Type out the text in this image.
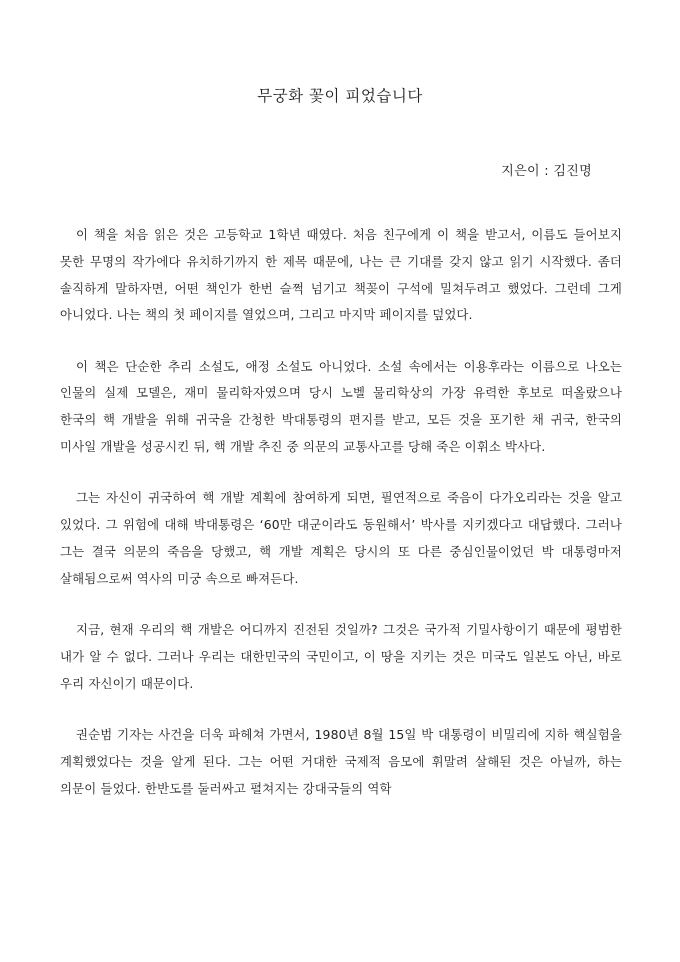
무궁화 꽃이 피었습니다
지은이 : 김진명

이 책을 처음 읽은 것은 고등학교 1학년 때였다. 처음 친구에게 이 책을 받고서, 이름도 들어보지 못한 무명의 작가에다 유치하기까지 한 제목 때문에, 나는 큰 기대를 갖지 않고 읽기 시작했다. 좀더 솔직하게 말하자면, 어떤 책인가 한번 슬쩍 넘기고 책꽂이 구석에 밀쳐두려고 했었다. 그런데 그게 아니었다. 나는 책의 첫 페이지를 열었으며, 그리고 마지막 페이지를 덮었다.

이 책은 단순한 추리 소설도, 애정 소설도 아니었다. 소설 속에서는 이용후라는 이름으로 나오는 인물의 실제 모델은, 재미 물리학자였으며 당시 노벨 물리학상의 가장 유력한 후보로 떠올랐으나 한국의 핵 개발을 위해 귀국을 간청한 박대통령의 편지를 받고, 모든 것을 포기한 채 귀국, 한국의 미사일 개발을 성공시킨 뒤, 핵 개발 추진 중 의문의 교통사고를 당해 죽은 이휘소 박사다.

그는 자신이 귀국하여 핵 개발 계획에 참여하게 되면, 필연적으로 죽음이 다가오리라는 것을 알고 있었다. 그 위험에 대해 박대통령은 ‘60만 대군이라도 동원해서’ 박사를 지키겠다고 대답했다. 그러나 그는 결국 의문의 죽음을 당했고, 핵 개발 계획은 당시의 또 다른 중심인물이었던 박 대통령마저 살해됨으로써 역사의 미궁 속으로 빠져든다.

지금, 현재 우리의 핵 개발은 어디까지 진전된 것일까? 그것은 국가적 기밀사항이기 때문에 평범한 내가 알 수 없다. 그러나 우리는 대한민국의 국민이고, 이 땅을 지키는 것은 미국도 일본도 아닌, 바로 우리 자신이기 때문이다.

권순범 기자는 사건을 더욱 파헤쳐 가면서, 1980년 8월 15일 박 대통령이 비밀리에 지하 핵실험을 계획했었다는 것을 알게 된다. 그는 어떤 거대한 국제적 음모에 휘말려 살해된 것은 아닐까, 하는 의문이 들었다. 한반도를 둘러싸고 펼쳐지는 강대국들의 역학
